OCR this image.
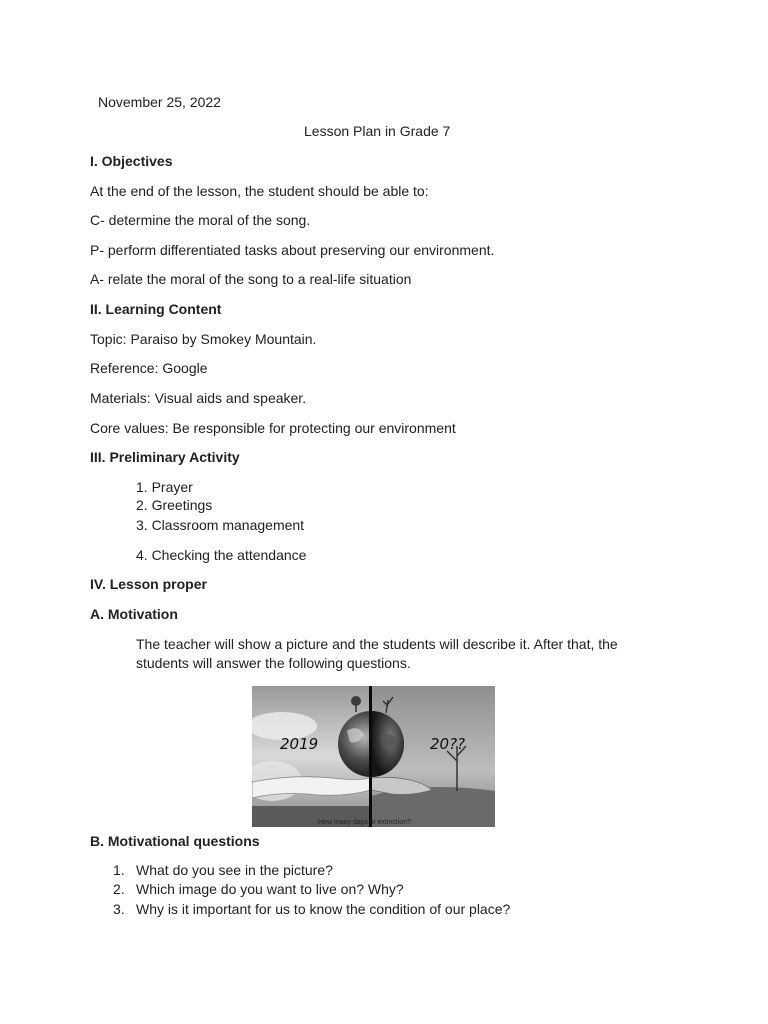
November 25, 2022
Lesson Plan in Grade 7
I. Objectives
At the end of the lesson, the student should be able to:
C- determine the moral of the song.
P- perform differentiated tasks about preserving our environment.
A- relate the moral of the song to a real-life situation
II. Learning Content
Topic: Paraiso by Smokey Mountain.
Reference: Google
Materials: Visual aids and speaker.
Core values: Be responsible for protecting our environment
III. Preliminary Activity
1. Prayer
2. Greetings
3. Classroom management
4. Checking the attendance
IV. Lesson proper
A. Motivation
The teacher will show a picture and the students will describe it. After that, the
students will answer the following questions.
2019	20??
How many days to extinction?
B. Motivational questions
1. What do you see in the picture?
2. Which image do you want to live on? Why?
3. Why is it important for us to know the condition of our place?
